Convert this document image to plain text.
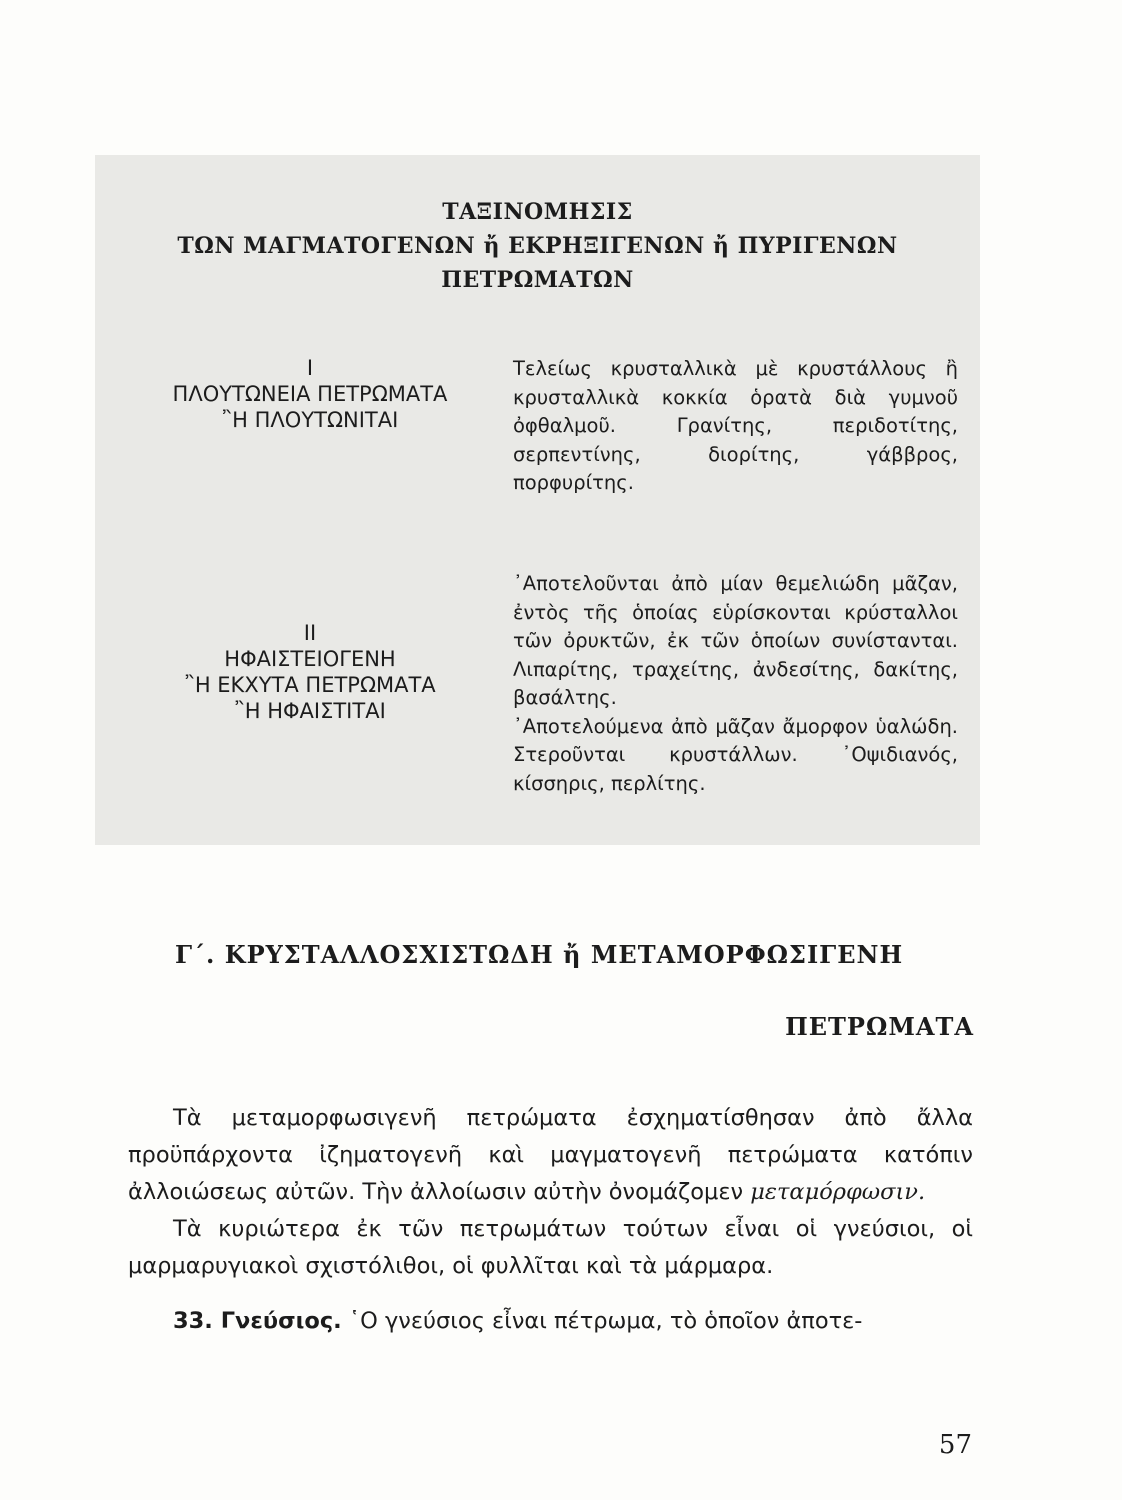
ΤΑΞΙΝΟΜΗΣΙΣ
ΤΩΝ ΜΑΓΜΑΤΟΓΕΝΩΝ ἤ ΕΚΡΗΞΙΓΕΝΩΝ ἤ ΠΥΡΙΓΕΝΩΝ
ΠΕΤΡΩΜΑΤΩΝ
I
ΠΛΟΥΤΩΝΕΙΑ ΠΕΤΡΩΜΑΤΑ
῍Η ΠΛΟΥΤΩΝΙΤΑΙ
Τελείως κρυσταλλικὰ μὲ κρυστάλλους ἢ κρυσταλλικὰ κοκκία ὁρατὰ διὰ γυμνοῦ ὀφθαλμοῦ. Γρανίτης, περιδοτίτης, σερπεντίνης, διορίτης, γάββρος, πορφυρίτης.
II
ΗΦΑΙΣΤΕΙΟΓΕΝΗ
῍Η ΕΚΧΥΤΑ ΠΕΤΡΩΜΑΤΑ
῍Η ΗΦΑΙΣΤΙΤΑΙ
᾿Αποτελοῦνται ἀπὸ μίαν θεμελιώδη μᾶζαν, ἐντὸς τῆς ὁποίας εὑρίσκονται κρύσταλλοι τῶν ὀρυκτῶν, ἐκ τῶν ὁποίων συνίστανται. Λιπαρίτης, τραχείτης, ἀνδεσίτης, δακίτης, βασάλτης.
᾿Αποτελούμενα ἀπὸ μᾶζαν ἄμορφον ὑαλώδη. Στεροῦνται κρυστάλλων. ᾿Οψιδιανός, κίσσηρις, περλίτης.
Γ΄. ΚΡΥΣΤΑΛΛΟΣΧΙΣΤΩΔΗ ἤ ΜΕΤΑΜΟΡΦΩΣΙΓΕΝΗ
ΠΕΤΡΩΜΑΤΑ

Τὰ μεταμορφωσιγενῆ πετρώματα ἐσχηματίσθησαν ἀπὸ ἄλλα προϋπάρχοντα ἰζηματογενῆ καὶ μαγματογενῆ πετρώματα κατόπιν ἀλλοιώσεως αὐτῶν. Τὴν ἀλλοίωσιν αὐτὴν ὀνομάζομεν μεταμόρφωσιν.

Τὰ κυριώτερα ἐκ τῶν πετρωμάτων τούτων εἶναι οἱ γνεύσιοι, οἱ μαρμαρυγιακοὶ σχιστόλιθοι, οἱ φυλλῖται καὶ τὰ μάρμαρα.

33. Γνεύσιος. ῾Ο γνεύσιος εἶναι πέτρωμα, τὸ ὁποῖον ἀποτε-

57
